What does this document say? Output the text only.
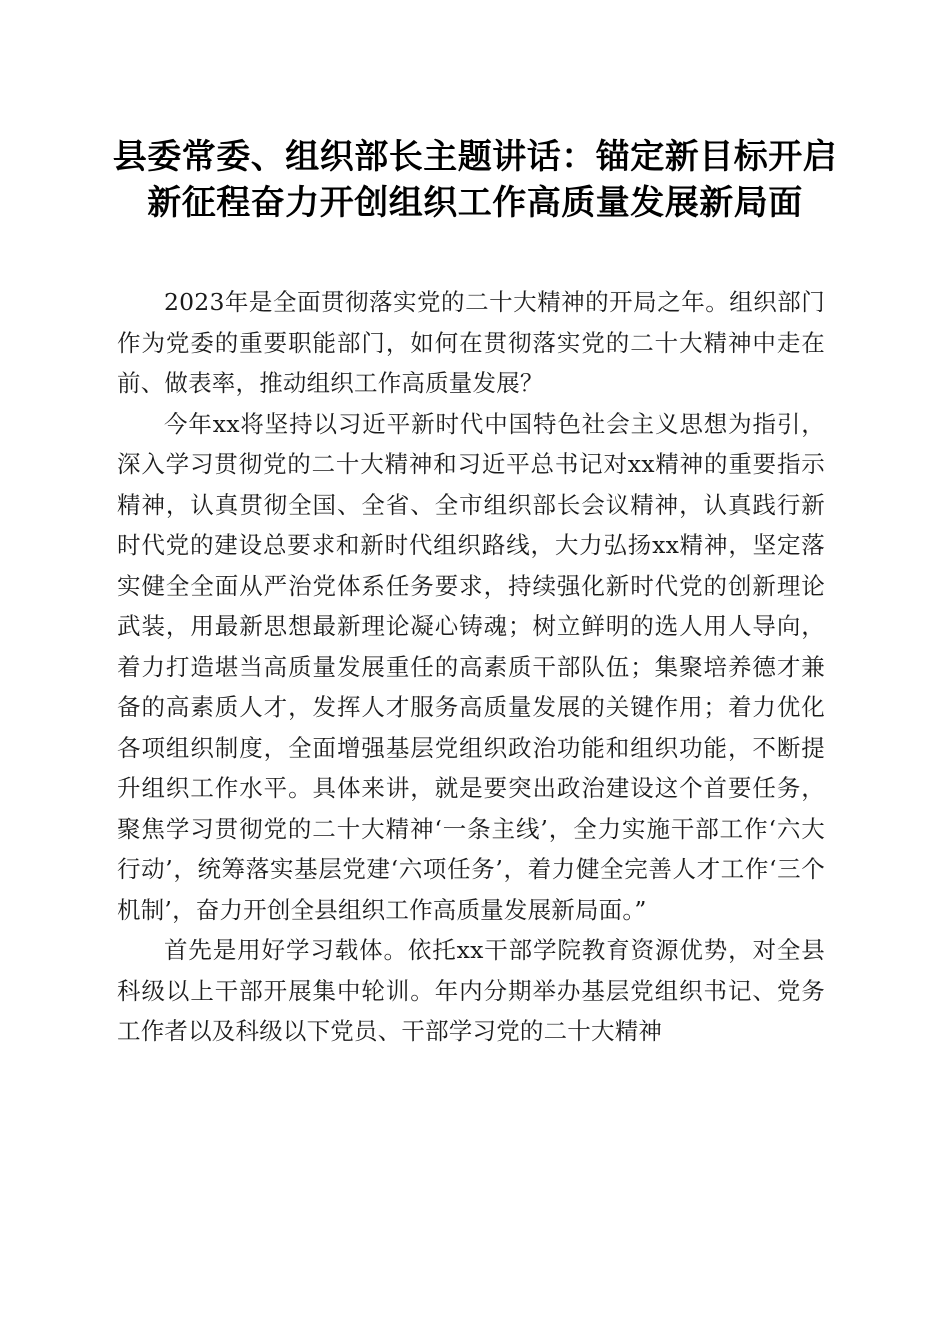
县委常委、组织部长主题讲话：锚定新目标开启新征程奋力开创组织工作高质量发展新局面

2023年是全面贯彻落实党的二十大精神的开局之年。组织部门作为党委的重要职能部门，如何在贯彻落实党的二十大精神中走在前、做表率，推动组织工作高质量发展？

今年xx将坚持以习近平新时代中国特色社会主义思想为指引，深入学习贯彻党的二十大精神和习近平总书记对xx精神的重要指示精神，认真贯彻全国、全省、全市组织部长会议精神，认真践行新时代党的建设总要求和新时代组织路线，大力弘扬xx精神，坚定落实健全全面从严治党体系任务要求，持续强化新时代党的创新理论武装，用最新思想最新理论凝心铸魂；树立鲜明的选人用人导向，着力打造堪当高质量发展重任的高素质干部队伍；集聚培养德才兼备的高素质人才，发挥人才服务高质量发展的关键作用；着力优化各项组织制度，全面增强基层党组织政治功能和组织功能，不断提升组织工作水平。具体来讲，就是要突出政治建设这个首要任务，聚焦学习贯彻党的二十大精神‘一条主线’，全力实施干部工作‘六大行动’，统筹落实基层党建‘六项任务’，着力健全完善人才工作‘三个机制’，奋力开创全县组织工作高质量发展新局面。”

首先是用好学习载体。依托xx干部学院教育资源优势，对全县科级以上干部开展集中轮训。年内分期举办基层党组织书记、党务工作者以及科级以下党员、干部学习党的二十大精神
